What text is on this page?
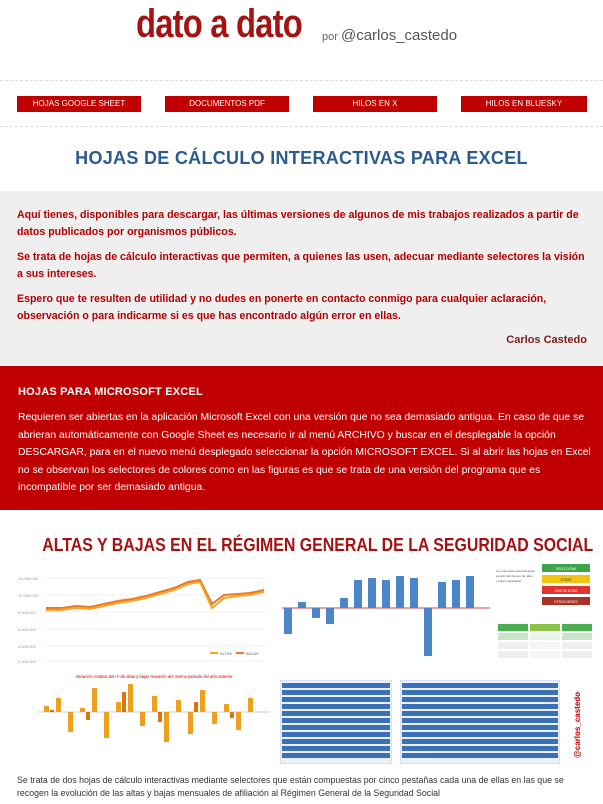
dato a dato por @carlos_castedo
HOJAS GOOGLE SHEET	DOCUMENTOS PDF	HILOS EN X	HILOS EN BLUESKY
HOJAS DE CÁLCULO INTERACTIVAS PARA EXCEL

Aquí tienes, disponibles para descargar, las últimas versiones de algunos de mis trabajos realizados a partir de datos publicados por organismos públicos.

Se trata de hojas de cálculo interactivas que permiten, a quienes las usen, adecuar mediante selectores la visión a sus intereses.

Espero que te resulten de utilidad y no dudes en ponerte en contacto conmigo para cualquier aclaración, observación o para indicarme si es que has encontrado algún error en ellas.

Carlos Castedo
HOJAS PARA MICROSOFT EXCEL

Requieren ser abiertas en la aplicación Microsoft Excel con una versión que no sea demasiado antigua. En caso de que se abrieran automáticamente con Google Sheet es necesario ir al menú ARCHIVO y buscar en el desplegable la opción DESCARGAR, para en el nuevo menú desplegado seleccionar la opción MICROSOFT EXCEL. Si al abrir las hojas en Excel no se observan los selectores de colores como en las figuras es que se trata de una versión del programa que es incompatible por ser demasiado antigua.

ALTAS Y BAJAS EN EL RÉGIMEN GENERAL DE LA SEGURIDAD SOCIAL
12.000.000
10.000.000
8.000.000
6.000.000
4.000.000
2.000.000
ALTAS	BAJAS
La proporción está calculada
a partir del número de altas
y bajas registradas
SELECCIONA
OTRAS
PAIS DE ALTAS
OTROS MESES
Variación relativa del nº de altas y bajas respecto del mismo periodo del año anterior
@carlos_castedo
Se trata de dos hojas de cálculo interactivas mediante selectores que están compuestas por cinco pestañas cada una de ellas en las que se recogen la evolución de las altas y bajas mensuales de afiliación al Régimen General de la Seguridad Social
